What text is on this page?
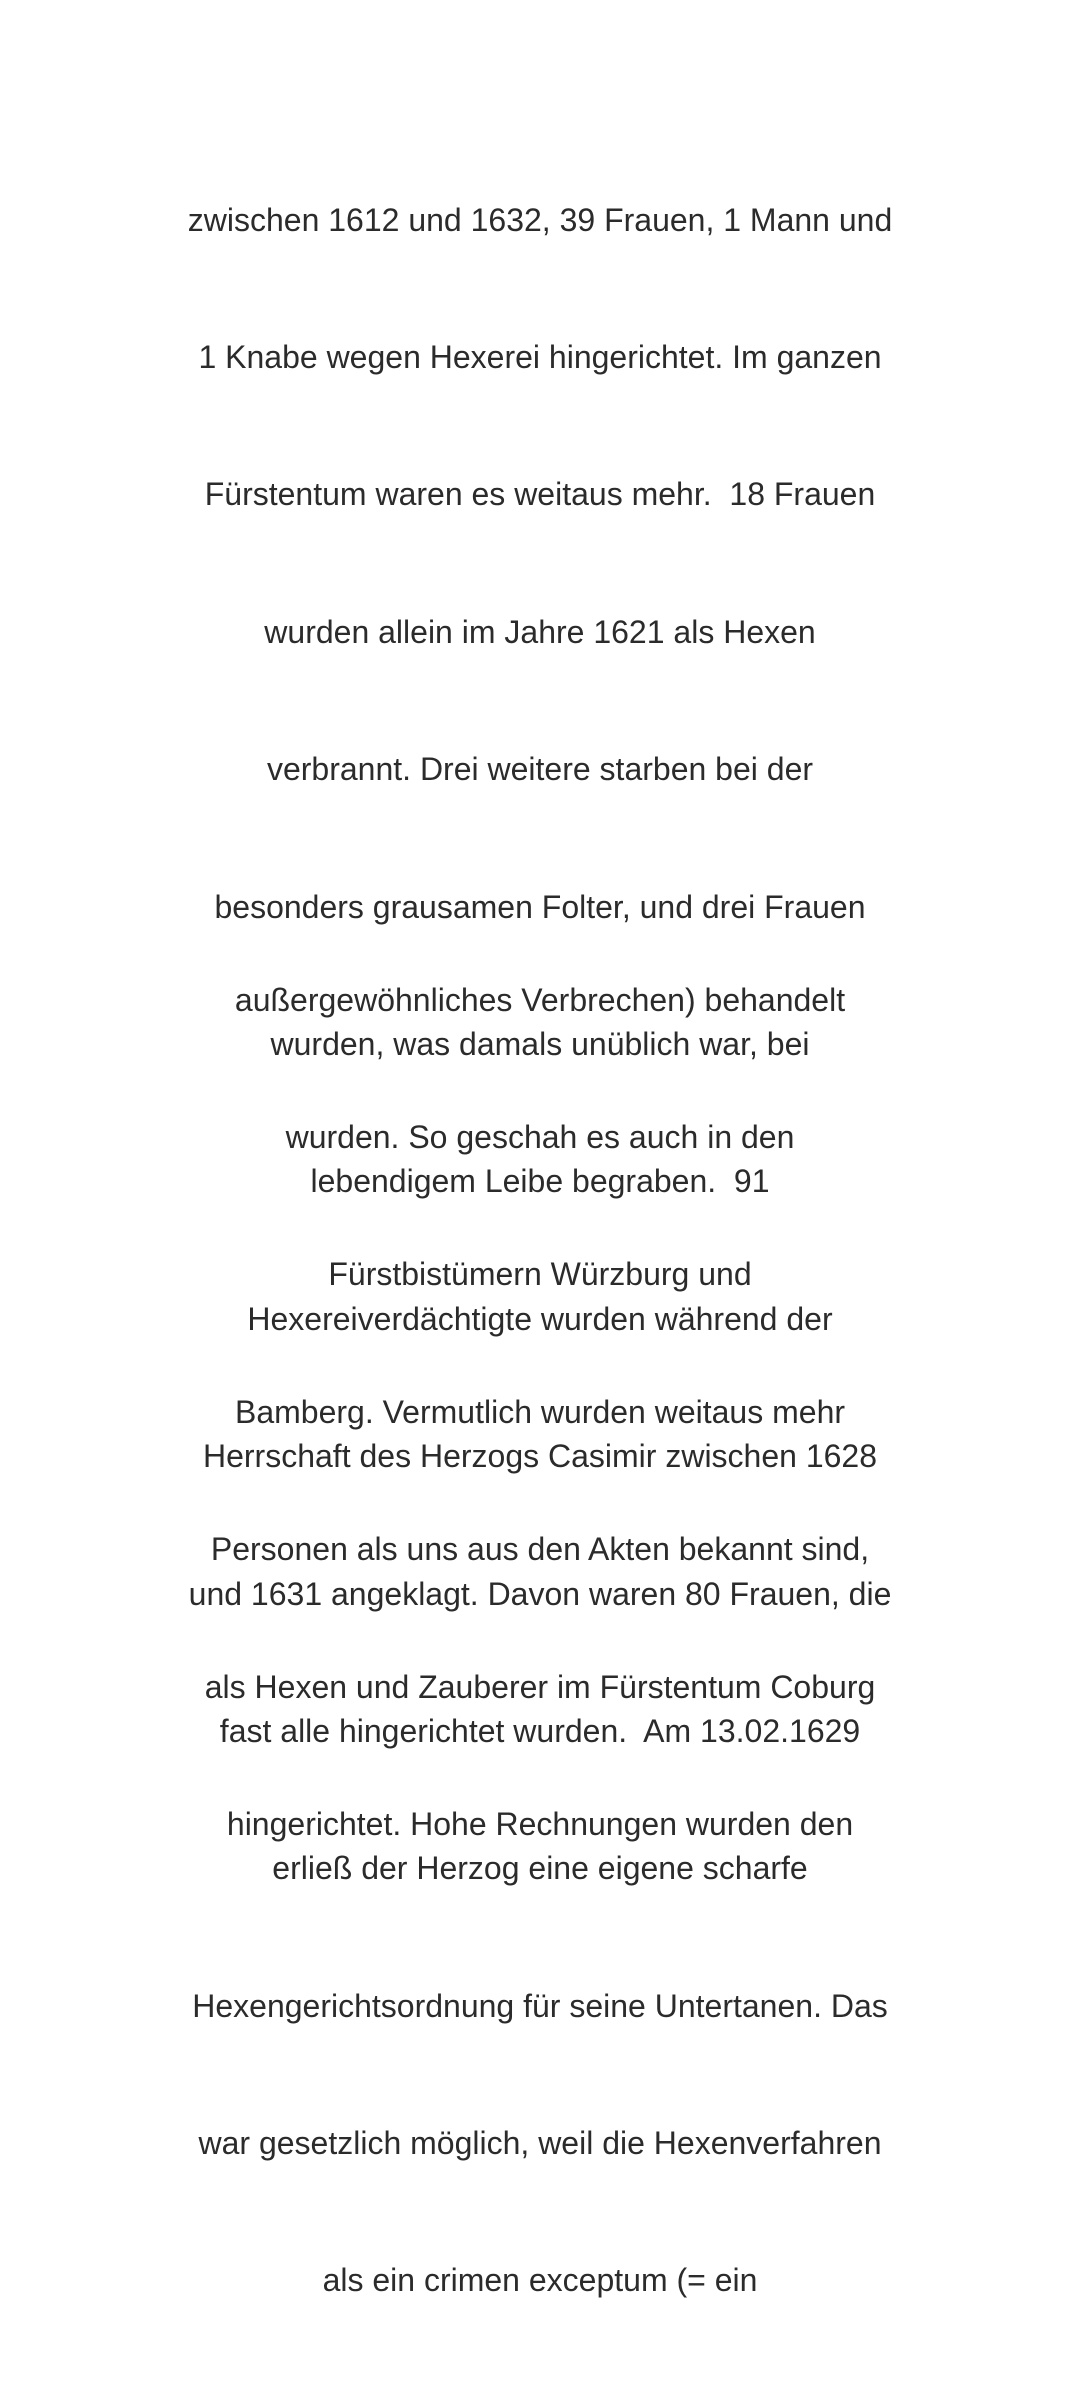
zwischen 1612 und 1632, 39 Frauen, 1 Mann und

1 Knabe wegen Hexerei hingerichtet. Im ganzen

Fürstentum waren es weitaus mehr.  18 Frauen

wurden allein im Jahre 1621 als Hexen

verbrannt. Drei weitere starben bei der

besonders grausamen Folter, und drei Frauen

wurden, was damals unüblich war, bei

lebendigem Leibe begraben.  91

Hexereiverdächtigte wurden während der

Herrschaft des Herzogs Casimir zwischen 1628

und 1631 angeklagt. Davon waren 80 Frauen, die

fast alle hingerichtet wurden.  Am 13.02.1629

erließ der Herzog eine eigene scharfe

Hexengerichtsordnung für seine Untertanen. Das

war gesetzlich möglich, weil die Hexenverfahren

als ein crimen exceptum (= ein

außergewöhnliches Verbrechen) behandelt

wurden. So geschah es auch in den

Fürstbistümern Würzburg und

Bamberg. Vermutlich wurden weitaus mehr

Personen als uns aus den Akten bekannt sind,

als Hexen und Zauberer im Fürstentum Coburg

hingerichtet. Hohe Rechnungen wurden den
